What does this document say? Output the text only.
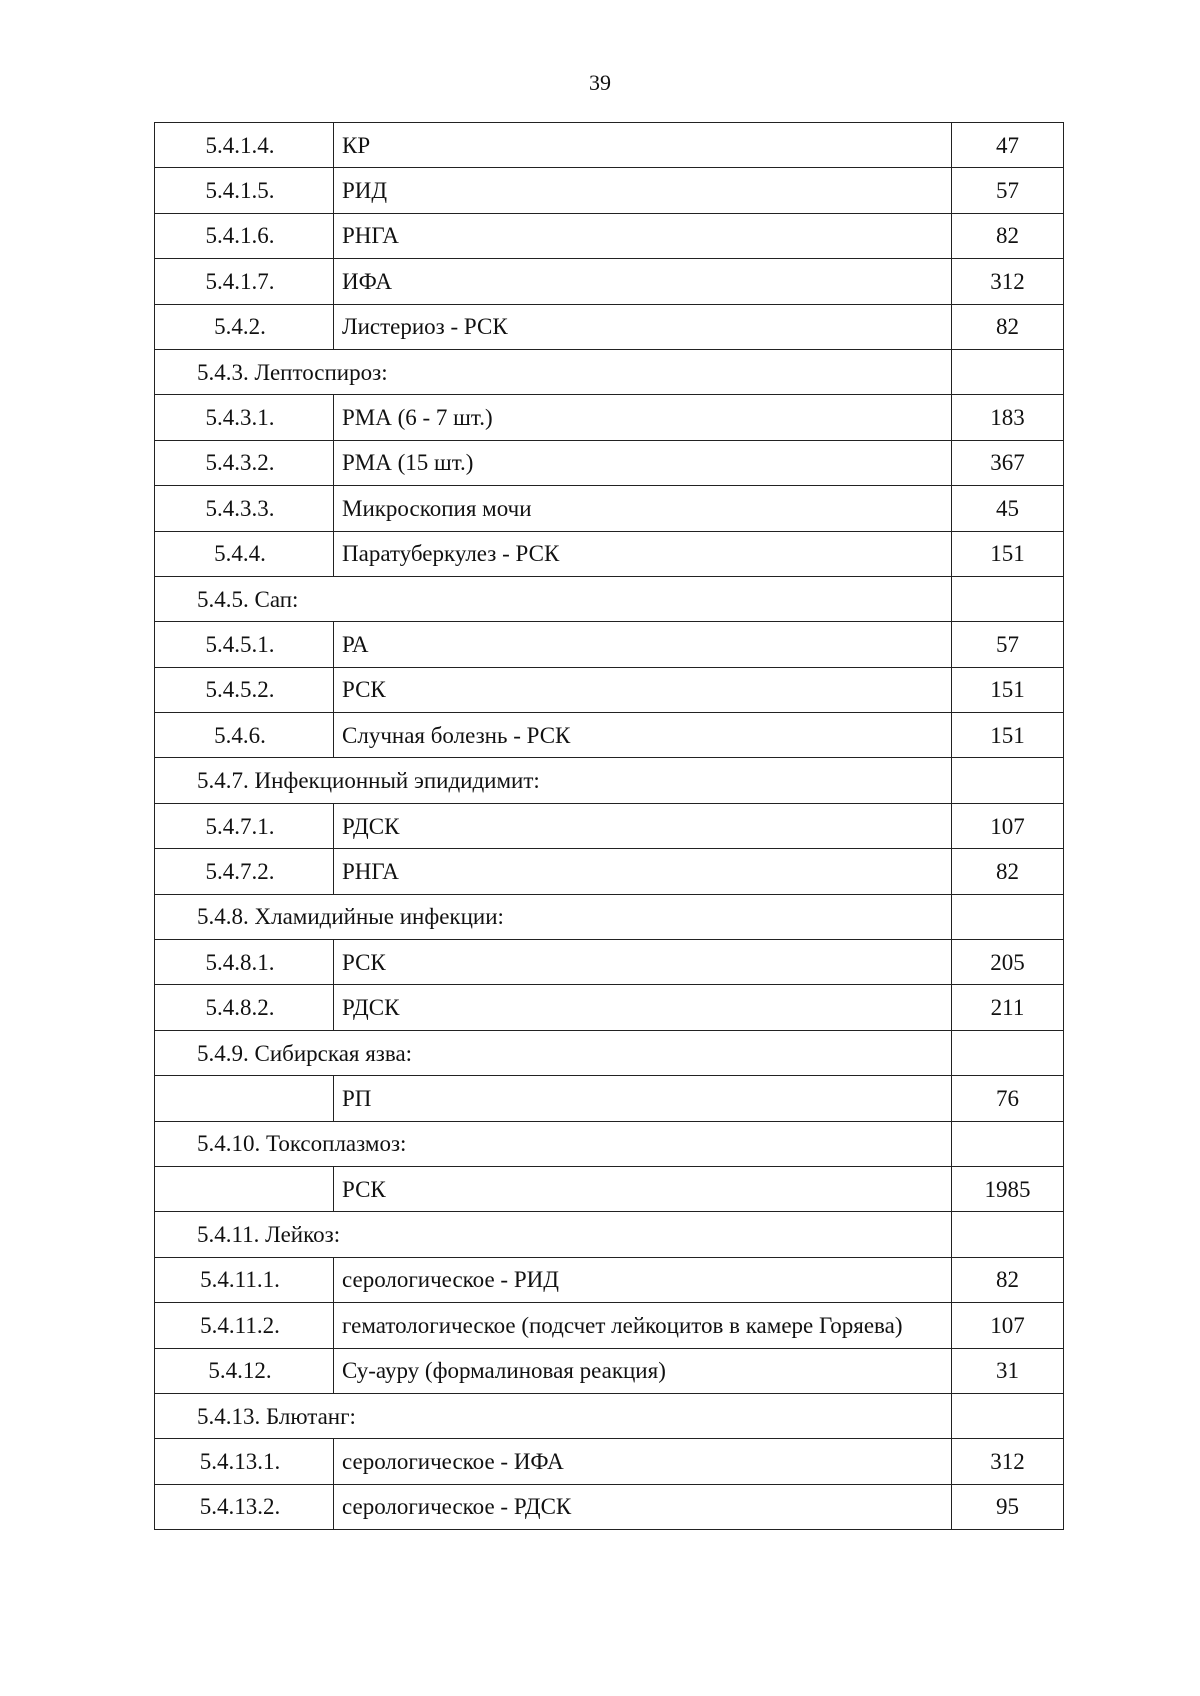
39
5.4.1.4.	КР	47
5.4.1.5.	РИД	57
5.4.1.6.	РНГА	82
5.4.1.7.	ИФА	312
5.4.2.	Листериоз - РСК	82
5.4.3. Лептоспироз:		
5.4.3.1.	РМА (6 - 7 шт.)	183
5.4.3.2.	РМА (15 шт.)	367
5.4.3.3.	Микроскопия мочи	45
5.4.4.	Паратуберкулез - РСК	151
5.4.5. Сап:		
5.4.5.1.	РА	57
5.4.5.2.	РСК	151
5.4.6.	Случная болезнь - РСК	151
5.4.7. Инфекционный эпидидимит:		
5.4.7.1.	РДСК	107
5.4.7.2.	РНГА	82
5.4.8. Хламидийные инфекции:		
5.4.8.1.	РСК	205
5.4.8.2.	РДСК	211
5.4.9. Сибирская язва:		
	РП	76
5.4.10. Токсоплазмоз:		
	РСК	1985
5.4.11. Лейкоз:		
5.4.11.1.	серологическое - РИД	82
5.4.11.2.	гематологическое (подсчет лейкоцитов в камере Горяева)	107
5.4.12.	Су-ауру (формалиновая реакция)	31
5.4.13. Блютанг:		
5.4.13.1.	серологическое - ИФА	312
5.4.13.2.	серологическое - РДСК	95
